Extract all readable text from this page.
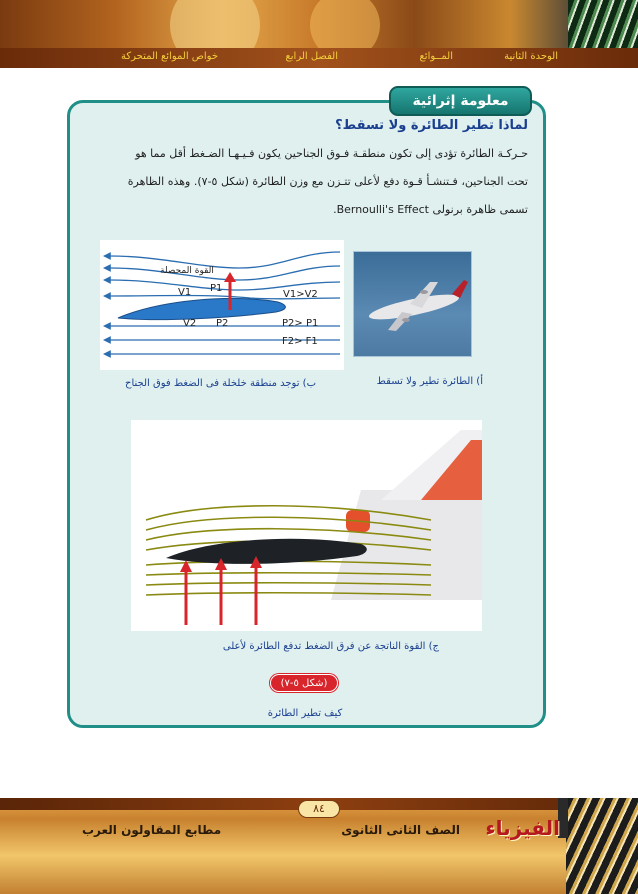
الوحدة الثانية
المــوائع
الفصل الرابع
خواص الموائع المتحركة
معلومة إثرائية
لماذا تطير الطائرة ولا تسقط؟
حـركـة الطائرة تؤدى إلى تكون منطقـة فـوق الجناحين يكون فـيـهـا الضـغط أقل مما هو
تحت الجناحين، فـتنشـأ قـوة دفع لأعلى تتـزن مع وزن الطائرة (شكل ٥-٧). وهذه الظاهرة
تسمى ظاهرة برنولى Bernoulli's Effect.
القوة المحصلة
V1 P1
V1>V2
V2 P2	P2> P1
F2> F1
أ) الطائرة تطير ولا تسقط
ب) توجد منطقة خلخلة فى الضغط فوق الجناح
ج) القوة الناتجة عن فرق الضغط تدفع الطائرة لأعلى
(شكل ٥-٧)
كيف تطير الطائرة
٨٤
الفيزياء
الصف الثانى الثانوى
مطابع المقاولون العرب
